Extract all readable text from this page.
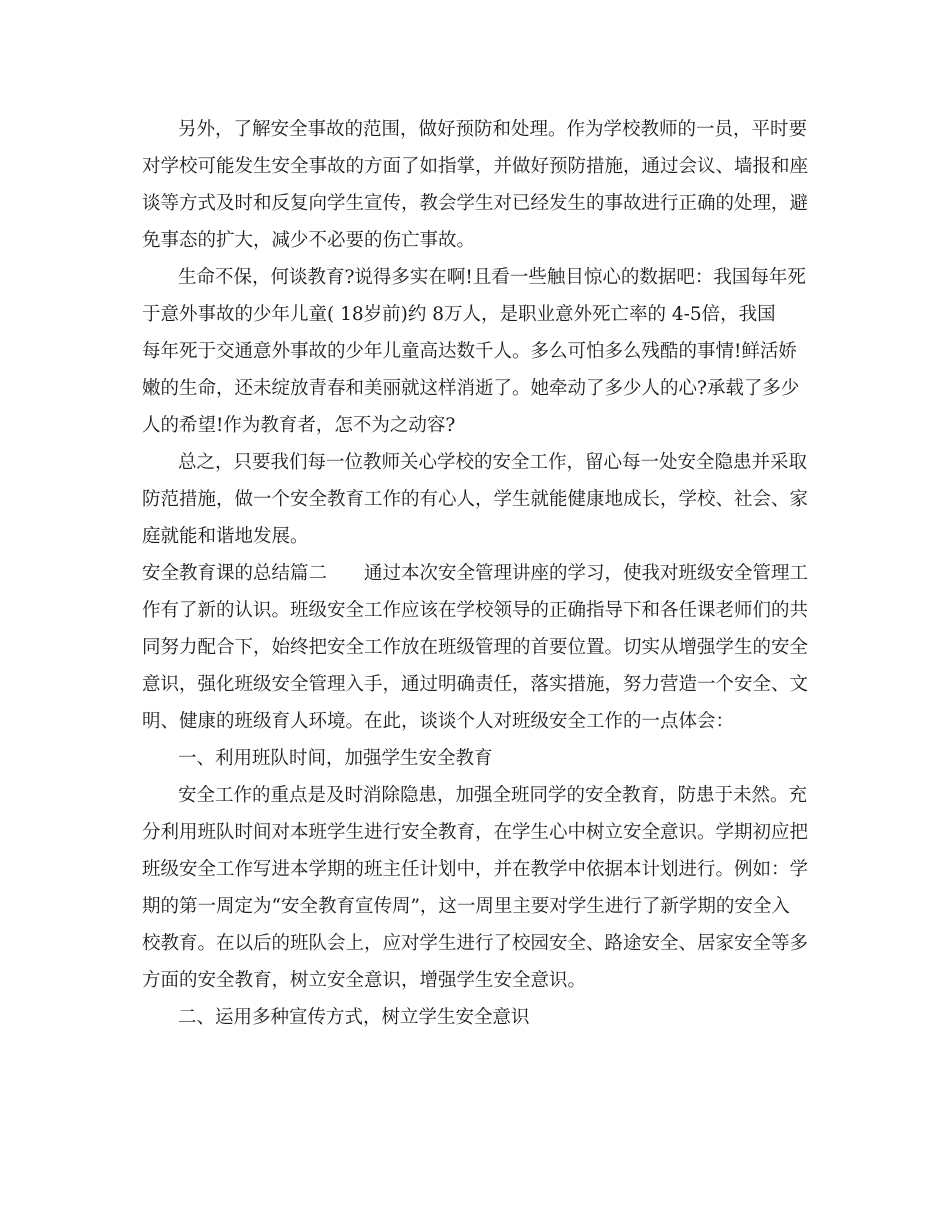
另外，了解安全事故的范围，做好预防和处理。作为学校教师的一员，平时要
对学校可能发生安全事故的方面了如指掌，并做好预防措施，通过会议、墙报和座
谈等方式及时和反复向学生宣传，教会学生对已经发生的事故进行正确的处理，避
免事态的扩大，减少不必要的伤亡事故。
生命不保，何谈教育?说得多实在啊!且看一些触目惊心的数据吧：我国每年死
于意外事故的少年儿童( 18岁前)约 8万人，是职业意外死亡率的 4-5倍，我国
每年死于交通意外事故的少年儿童高达数千人。多么可怕多么残酷的事情!鲜活娇
嫩的生命，还未绽放青春和美丽就这样消逝了。她牵动了多少人的心?承载了多少
人的希望!作为教育者，怎不为之动容?
总之，只要我们每一位教师关心学校的安全工作，留心每一处安全隐患并采取
防范措施，做一个安全教育工作的有心人，学生就能健康地成长，学校、社会、家
庭就能和谐地发展。
安全教育课的总结篇二　　通过本次安全管理讲座的学习，使我对班级安全管理工
作有了新的认识。班级安全工作应该在学校领导的正确指导下和各任课老师们的共
同努力配合下，始终把安全工作放在班级管理的首要位置。切实从增强学生的安全
意识，强化班级安全管理入手，通过明确责任，落实措施，努力营造一个安全、文
明、健康的班级育人环境。在此，谈谈个人对班级安全工作的一点体会：
一、利用班队时间，加强学生安全教育
安全工作的重点是及时消除隐患，加强全班同学的安全教育，防患于未然。充
分利用班队时间对本班学生进行安全教育，在学生心中树立安全意识。学期初应把
班级安全工作写进本学期的班主任计划中，并在教学中依据本计划进行。例如：学
期的第一周定为“安全教育宣传周”，这一周里主要对学生进行了新学期的安全入
校教育。在以后的班队会上，应对学生进行了校园安全、路途安全、居家安全等多
方面的安全教育，树立安全意识，增强学生安全意识。
二、运用多种宣传方式，树立学生安全意识
